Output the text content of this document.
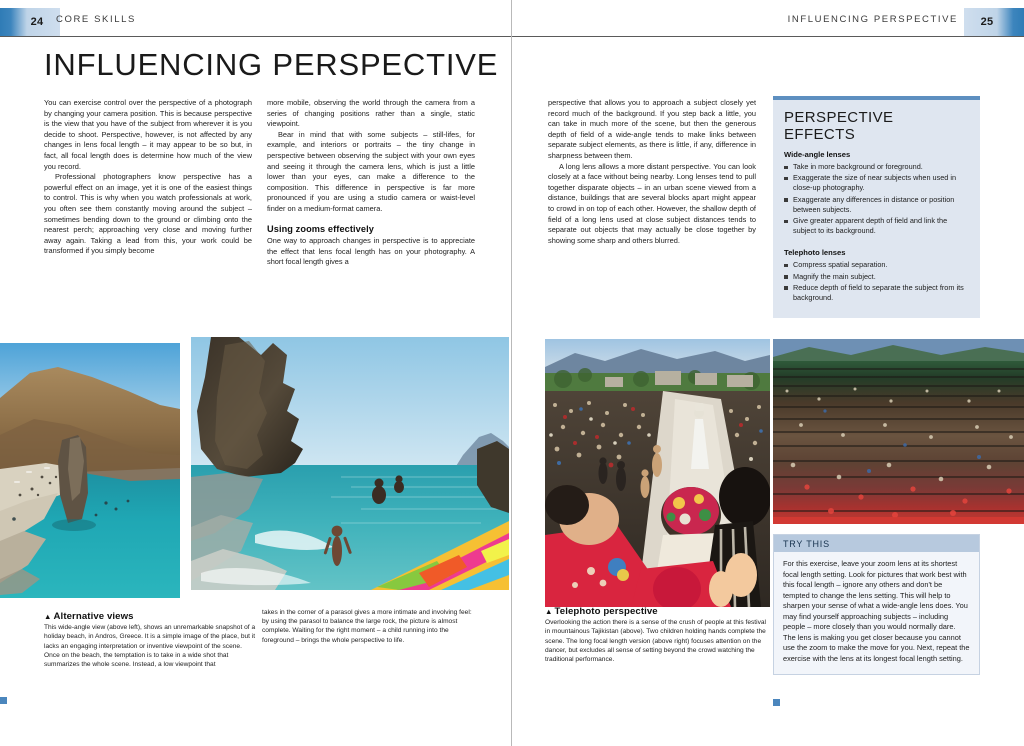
24 CORE SKILLS
INFLUENCING PERSPECTIVE

You can exercise control over the perspective of a photograph by changing your camera position. This is because perspective is the view that you have of the subject from wherever it is you decide to shoot. Perspective, however, is not affected by any changes in lens focal length – it may appear to be so but, in fact, all focal length does is determine how much of the view you record.

Professional photographers know perspective has a powerful effect on an image, yet it is one of the easiest things to control. This is why when you watch professionals at work, you often see them constantly moving around the subject – sometimes bending down to the ground or climbing onto the nearest perch; approaching very close and moving further away again. Taking a lead from this, your work could be transformed if you simply become

more mobile, observing the world through the camera from a series of changing positions rather than a single, static viewpoint.

Bear in mind that with some subjects – still-lifes, for example, and interiors or portraits – the tiny change in perspective between observing the subject with your own eyes and seeing it through the camera lens, which is just a little lower than your eyes, can make a difference to the composition. This difference in perspective is far more pronounced if you are using a studio camera or waist-level finder on a medium-format camera.

Using zooms effectively

One way to approach changes in perspective is to appreciate the effect that lens focal length has on your photography. A short focal length gives a

▲ Alternative views
This wide-angle view (above left), shows an unremarkable snapshot of a holiday beach, in Andros, Greece. It is a simple image of the place, but it lacks an engaging interpretation or inventive viewpoint of the scene. Once on the beach, the temptation is to take in a wide shot that summarizes the whole scene. Instead, a low viewpoint that
takes in the corner of a parasol gives a more intimate and involving feel: by using the parasol to balance the large rock, the picture is almost complete. Waiting for the right moment – a child running into the foreground – brings the whole perspective to life.
25
INFLUENCING PERSPECTIVE

perspective that allows you to approach a subject closely yet record much of the background. If you step back a little, you can take in much more of the scene, but then the generous depth of field of a wide-angle tends to make links between separate subject elements, as there is little, if any, difference in sharpness between them.

A long lens allows a more distant perspective. You can look closely at a face without being nearby. Long lenses tend to pull together disparate objects – in an urban scene viewed from a distance, buildings that are several blocks apart might appear to crowd in on top of each other. However, the shallow depth of field of a long lens used at close subject distances tends to separate out objects that may actually be close together by showing some sharp and others blurred.

PERSPECTIVE EFFECTS
Wide-angle lenses
Take in more background or foreground.
Exaggerate the size of near subjects when used in close-up photography.
Exaggerate any differences in distance or position between subjects.
Give greater apparent depth of field and link the subject to its background.
Telephoto lenses
Compress spatial separation.
Magnify the main subject.
Reduce depth of field to separate the subject from its background.
▲ Telephoto perspective
Overlooking the action there is a sense of the crush of people at this festival in mountainous Tajikistan (above). Two children holding hands complete the scene. The long focal length version (above right) focuses attention on the dancer, but excludes all sense of setting beyond the crowd watching the traditional performance.
TRY THIS
For this exercise, leave your zoom lens at its shortest focal length setting. Look for pictures that work best with this focal length – ignore any others and don't be tempted to change the lens setting. This will help to sharpen your sense of what a wide-angle lens does. You may find yourself approaching subjects – including people – more closely than you would normally dare. The lens is making you get closer because you cannot use the zoom to make the move for you. Next, repeat the exercise with the lens at its longest focal length setting.
